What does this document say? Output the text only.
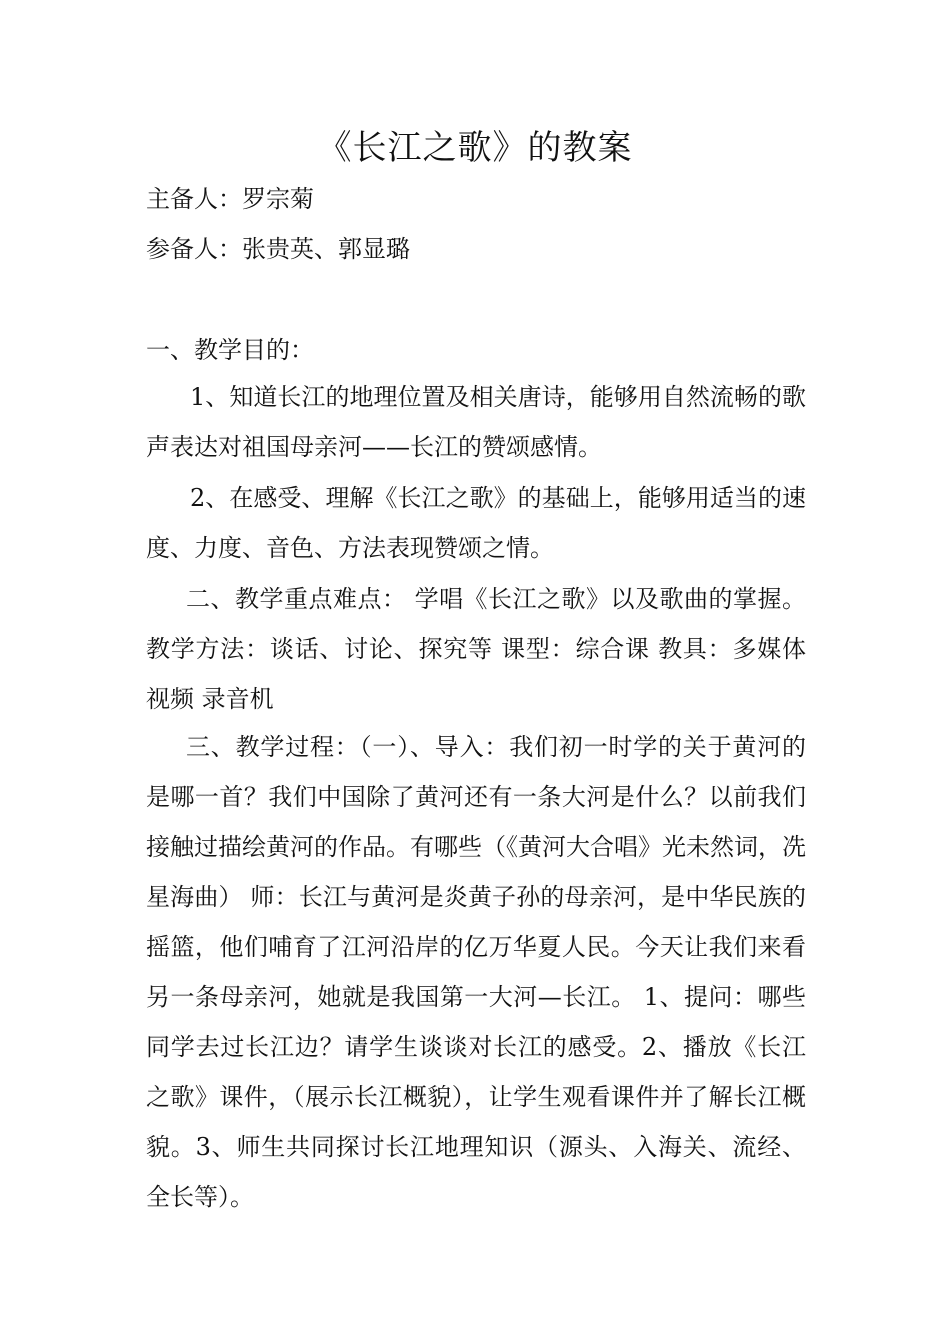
《长江之歌》的教案
主备人：罗宗菊
参备人：张贵英、郭显璐
一、教学目的：

1、知道长江的地理位置及相关唐诗，能够用自然流畅的歌声表达对祖国母亲河——长江的赞颂感情。

2、在感受、理解《长江之歌》的基础上，能够用适当的速度、力度、音色、方法表现赞颂之情。

二、教学重点难点： 学唱《长江之歌》以及歌曲的掌握。教学方法：谈话、讨论、探究等 课型：综合课 教具：多媒体视频 录音机

三、教学过程：（一）、导入：我们初一时学的关于黄河的是哪一首？我们中国除了黄河还有一条大河是什么？以前我们接触过描绘黄河的作品。有哪些（《黄河大合唱》光未然词，冼星海曲） 师：长江与黄河是炎黄子孙的母亲河，是中华民族的摇篮，他们哺育了江河沿岸的亿万华夏人民。今天让我们来看另一条母亲河，她就是我国第一大河—长江。 1、提问：哪些同学去过长江边？请学生谈谈对长江的感受。2、播放《长江之歌》课件，（展示长江概貌），让学生观看课件并了解长江概貌。3、师生共同探讨长江地理知识（源头、入海关、流经、全长等）。
